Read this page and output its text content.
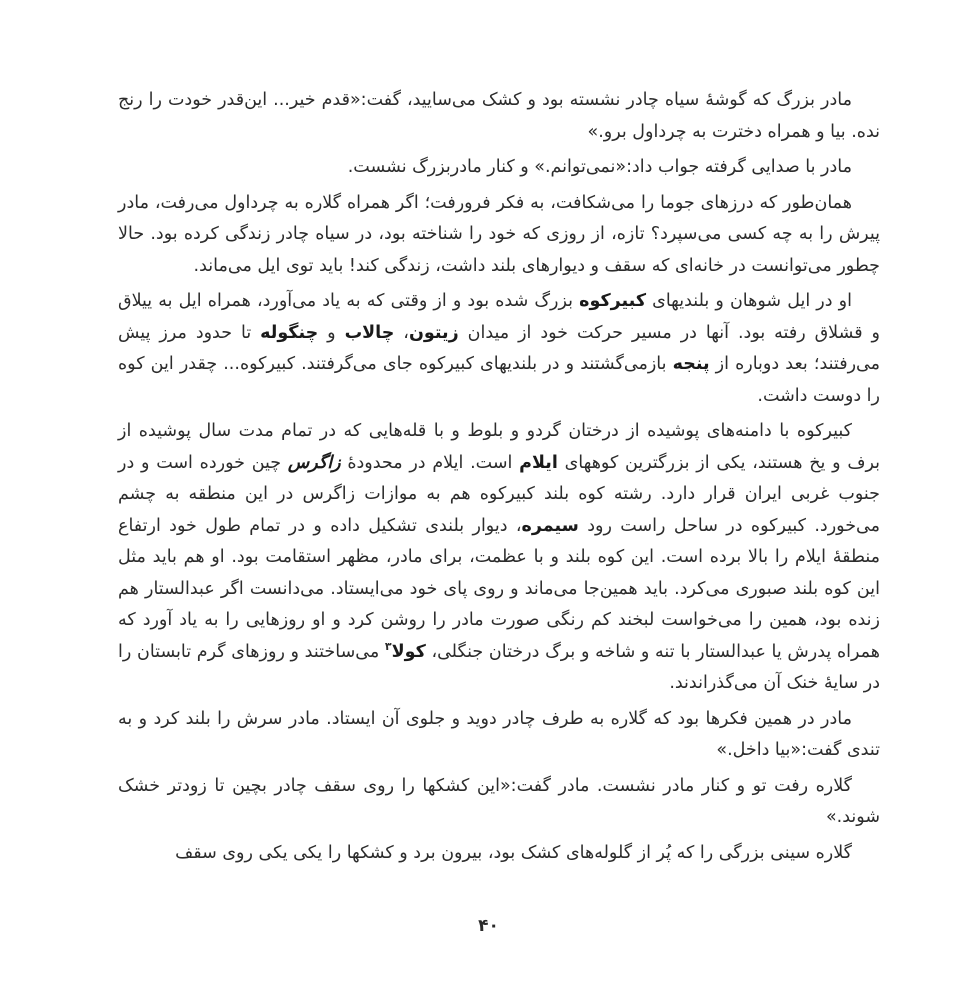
مادر بزرگ که گوشهٔ سیاه چادر نشسته بود و کشک می‌سایید، گفت:«قدم خیر... این‌قدر خودت را رنج نده. بیا و همراه دخترت به چرداول برو.»

مادر با صدایی گرفته جواب داد:«نمی‌توانم.» و کنار مادربزرگ نشست.

همان‌طور که درزهای جوما را می‌شکافت، به فکر فرورفت؛ اگر همراه گلاره به چرداول می‌رفت، مادر پیرش را به چه کسی می‌سپرد؟ تازه، از روزی که خود را شناخته بود، در سیاه چادر زندگی کرده بود. حالا چطور می‌توانست در خانه‌ای که سقف و دیوارهای بلند داشت، زندگی کند! باید توی ایل می‌ماند.

او در ایل شوهان و بلندیهای کبیرکوه بزرگ شده بود و از وقتی که به یاد می‌آورد، همراه ایل به ییلاق و قشلاق رفته بود. آنها در مسیر حرکت خود از میدان زیتون، چالاب و چنگوله تا حدود مرز پیش می‌رفتند؛ بعد دوباره از پنجه بازمی‌گشتند و در بلندیهای کبیرکوه جای می‌گرفتند. کبیرکوه... چقدر این کوه را دوست داشت.

کبیرکوه با دامنه‌های پوشیده از درختان گردو و بلوط و با قله‌هایی که در تمام مدت سال پوشیده از برف و یخ هستند، یکی از بزرگترین کوههای ایلام است. ایلام در محدودهٔ زاگرس چین خورده است و در جنوب غربی ایران قرار دارد. رشته کوه بلند کبیرکوه هم به موازات زاگرس در این منطقه به چشم می‌خورد. کبیرکوه در ساحل راست رود سیمره، دیوار بلندی تشکیل داده و در تمام طول خود ارتفاع منطقهٔ ایلام را بالا برده است. این کوه بلند و با عظمت، برای مادر، مظهر استقامت بود. او هم باید مثل این کوه بلند صبوری می‌کرد. باید همین‌جا می‌ماند و روی پای خود می‌ایستاد. می‌دانست اگر عبدالستار هم زنده بود، همین را می‌خواست لبخند کم رنگی صورت مادر را روشن کرد و او روزهایی را به یاد آورد که همراه پدرش یا عبدالستار با تنه و شاخه و برگ درختان جنگلی، کولا$^۳$ می‌ساختند و روزهای گرم تابستان را در سایهٔ خنک آن می‌گذراندند.

مادر در همین فکرها بود که گلاره به طرف چادر دوید و جلوی آن ایستاد. مادر سرش را بلند کرد و به تندی گفت:«بیا داخل.»

گلاره رفت تو و کنار مادر نشست. مادر گفت:«این کشکها را روی سقف چادر بچین تا زودتر خشک شوند.»

گلاره سینی بزرگی را که پُر از گلوله‌های کشک بود، بیرون برد و کشکها را یکی یکی روی سقف

۴۰
